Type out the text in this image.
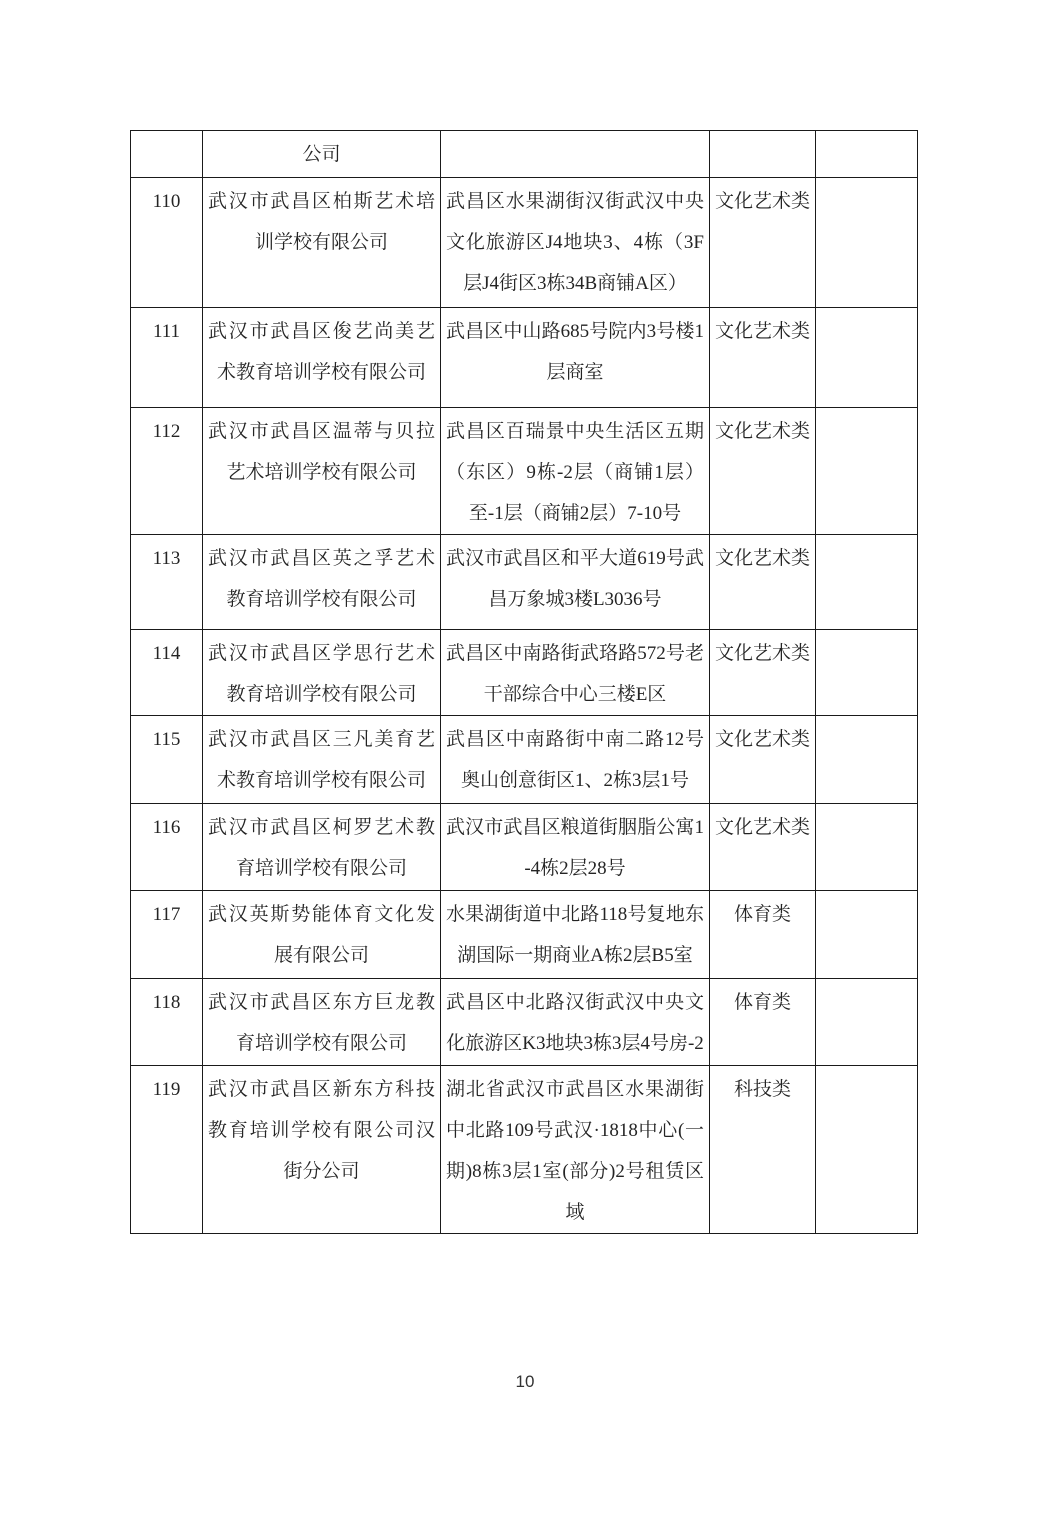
	公司			
110	武汉市武昌区柏斯艺术培训学校有限公司	武昌区水果湖街汉街武汉中央文化旅游区J4地块3、4栋（3F层J4街区3栋34B商铺A区）	文化艺术类	
111	武汉市武昌区俊艺尚美艺术教育培训学校有限公司	武昌区中山路685号院内3号楼1层商室	文化艺术类	
112	武汉市武昌区温蒂与贝拉艺术培训学校有限公司	武昌区百瑞景中央生活区五期（东区）9栋-2层（商铺1层）至-1层（商铺2层）7-10号	文化艺术类	
113	武汉市武昌区英之孚艺术教育培训学校有限公司	武汉市武昌区和平大道619号武昌万象城3楼L3036号	文化艺术类	
114	武汉市武昌区学思行艺术教育培训学校有限公司	武昌区中南路街武珞路572号老干部综合中心三楼E区	文化艺术类	
115	武汉市武昌区三凡美育艺术教育培训学校有限公司	武昌区中南路街中南二路12号奥山创意街区1、2栋3层1号	文化艺术类	
116	武汉市武昌区柯罗艺术教育培训学校有限公司	武汉市武昌区粮道街胭脂公寓1-4栋2层28号	文化艺术类	
117	武汉英斯势能体育文化发展有限公司	水果湖街道中北路118号复地东湖国际一期商业A栋2层B5室	体育类	
118	武汉市武昌区东方巨龙教育培训学校有限公司	武昌区中北路汉街武汉中央文化旅游区K3地块3栋3层4号房-2	体育类	
119	武汉市武昌区新东方科技教育培训学校有限公司汉街分公司	湖北省武汉市武昌区水果湖街中北路109号武汉·1818中心(一期)8栋3层1室(部分)2号租赁区域	科技类	
10
